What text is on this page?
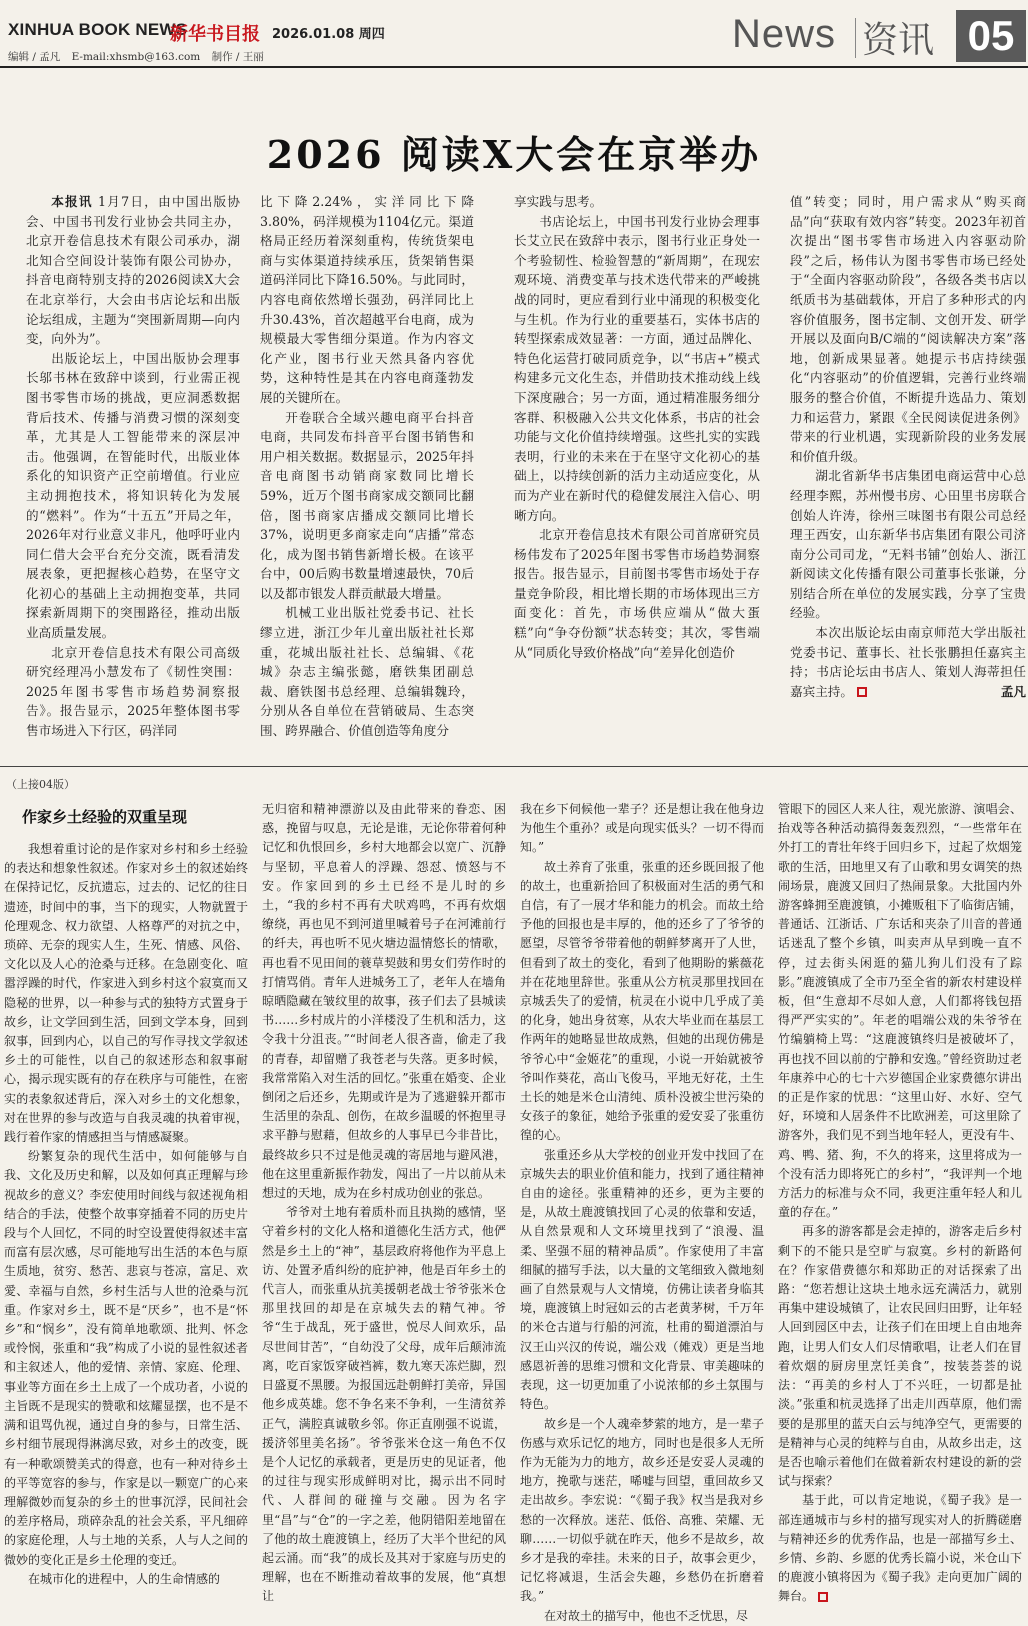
XINHUA BOOK NEWS
新华书目报 2026.01.08 周四	News 资讯 05
编辑 / 孟凡 E-mail:xhsmb@163.com 制作 / 王丽
2026 阅读X大会在京举办

本报讯 1月7日，由中国出版协会、中国书刊发行业协会共同主办，北京开卷信息技术有限公司承办，湖北知合空间设计装饰有限公司协办，抖音电商特别支持的2026阅读X大会在北京举行，大会由书店论坛和出版论坛组成，主题为“突围新周期—向内变，向外为”。

出版论坛上，中国出版协会理事长邬书林在致辞中谈到，行业需正视图书零售市场的挑战，更应洞悉数据背后技术、传播与消费习惯的深刻变革，尤其是人工智能带来的深层冲击。他强调，在智能时代，出版业体系化的知识资产正空前增值。行业应主动拥抱技术，将知识转化为发展的“燃料”。作为“十五五”开局之年，2026年对行业意义非凡，他呼吁业内同仁借大会平台充分交流，既看清发展表象，更把握核心趋势，在坚守文化初心的基础上主动拥抱变革，共同探索新周期下的突围路径，推动出版业高质量发展。

北京开卷信息技术有限公司高级研究经理冯小慧发布了《韧性突围：2025年图书零售市场趋势洞察报告》。报告显示，2025年整体图书零售市场进入下行区，码洋同

比下降2.24%，实洋同比下降3.80%，码洋规模为1104亿元。渠道格局正经历着深刻重构，传统货架电商与实体渠道持续承压，货架销售渠道码洋同比下降16.50%。与此同时，内容电商依然增长强劲，码洋同比上升30.43%，首次超越平台电商，成为规模最大零售细分渠道。作为内容文化产业，图书行业天然具备内容优势，这种特性是其在内容电商蓬勃发展的关键所在。

开卷联合全域兴趣电商平台抖音电商，共同发布抖音平台图书销售和用户相关数据。数据显示，2025年抖音电商图书动销商家数同比增长59%，近万个图书商家成交额同比翻倍，图书商家店播成交额同比增长37%，说明更多商家走向“店播”常态化，成为图书销售新增长极。在该平台中，00后购书数量增速最快，70后以及都市银发人群贡献最大增量。

机械工业出版社党委书记、社长缪立进，浙江少年儿童出版社社长郑重，花城出版社社长、总编辑、《花城》杂志主编张懿，磨铁集团副总裁、磨铁图书总经理、总编辑魏玲，分别从各自单位在营销破局、生态突围、跨界融合、价值创造等角度分

享实践与思考。

书店论坛上，中国书刊发行业协会理事长艾立民在致辞中表示，图书行业正身处一个考验韧性、检验智慧的“新周期”，在现宏观环境、消费变革与技术迭代带来的严峻挑战的同时，更应看到行业中涌现的积极变化与生机。作为行业的重要基石，实体书店的转型探索成效显著：一方面，通过品牌化、特色化运营打破同质竞争，以“书店+”模式构建多元文化生态，并借助技术推动线上线下深度融合；另一方面，通过精准服务细分客群、积极融入公共文化体系，书店的社会功能与文化价值持续增强。这些扎实的实践表明，行业的未来在于在坚守文化初心的基础上，以持续创新的活力主动适应变化，从而为产业在新时代的稳健发展注入信心、明晰方向。

北京开卷信息技术有限公司首席研究员杨伟发布了2025年图书零售市场趋势洞察报告。报告显示，目前图书零售市场处于存量竞争阶段，相比增长期的市场体现出三方面变化：首先，市场供应端从“做大蛋糕”向“争夺份额”状态转变；其次，零售端从“同质化导致价格战”向“差异化创造价

值”转变；同时，用户需求从“购买商品”向“获取有效内容”转变。2023年初首次提出“图书零售市场进入内容驱动阶段”之后，杨伟认为图书零售市场已经处于“全面内容驱动阶段”，各级各类书店以纸质书为基础载体，开启了多种形式的内容价值服务，图书定制、文创开发、研学开展以及面向B/C端的“阅读解决方案”落地，创新成果显著。她提示书店持续强化“内容驱动”的价值逻辑，完善行业终端服务的整合价值，不断提升选品力、策划力和运营力，紧跟《全民阅读促进条例》带来的行业机遇，实现新阶段的业务发展和价值升级。

湖北省新华书店集团电商运营中心总经理李熙，苏州慢书房、心田里书房联合创始人许涛，徐州三味图书有限公司总经理王西安，山东新华书店集团有限公司济南分公司司龙，“无料书铺”创始人、浙江新阅读文化传播有限公司董事长张谦，分别结合所在单位的发展实践，分享了宝贵经验。

本次出版论坛由南京师范大学出版社党委书记、董事长、社长张鹏担任嘉宾主持；书店论坛由书店人、策划人海蒂担任嘉宾主持。	孟凡

（上接04版）
作家乡土经验的双重呈现

我想着重讨论的是作家对乡村和乡土经验的表达和想象性叙述。作家对乡土的叙述始终在保持记忆，反抗遗忘，过去的、记忆的往日遗迹，时间中的事，当下的现实，人物就置于伦理观念、权力欲望、人格尊严的对抗之中，琐碎、无奈的现实人生，生死、情感、风俗、文化以及人心的沧桑与迁移。在急剧变化、喧嚣浮躁的时代，作家进入到乡村这个寂寞而又隐秘的世界，以一种参与式的独特方式置身于故乡，让文学回到生活，回到文学本身，回到叙事，回到内心，以自己的写作寻找文学叙述乡土的可能性，以自己的叙述形态和叙事耐心，揭示现实既有的存在秩序与可能性，在密实的表象叙述背后，深入对乡土的文化想象，对在世界的参与改造与自我灵魂的执着审视，践行着作家的情感担当与情感凝聚。

纷繁复杂的现代生活中，如何能够与自我、文化及历史和解，以及如何真正理解与珍视故乡的意义？李宏使用时间线与叙述视角相结合的手法，使整个故事穿插着不同的历史片段与个人回忆，不同的时空设置使得叙述丰富而富有层次感，尽可能地写出生活的本色与原生质地，贫穷、愁苦、悲哀与苍凉，富足、欢愛、幸福与自然，乡村生活与人世的沧桑与沉重。作家对乡土，既不是“厌乡”，也不是“怀乡”和“悯乡”，没有简单地歌颂、批判、怀念或怜悯，张重和“我”构成了小说的显性叙述者和主叙述人，他的爱情、亲情、家庭、伦理、事业等方面在乡土上成了一个成功者，小说的主旨既不是现实的赞歌和炫耀显摆，也不是不满和诅骂仇视，通过自身的参与，日常生活、乡村细节展现得淋漓尽致，对乡土的改变，既有一种歌颂赞美式的得意，也有一种对待乡土的平等宽容的参与，作家是以一颗宽广的心来理解微妙而复杂的乡土的世事沉浮，民间社会的差序格局，琐碎杂乱的社会关系，平凡细碎的家庭伦理，人与土地的关系，人与人之间的微妙的变化正是乡土伦理的变迁。

在城市化的进程中，人的生命情感的

无归宿和精神漂游以及由此带来的眷恋、困惑，挽留与叹息，无论是谁，无论你带着何种记忆和仇恨回乡，乡村大地都会以宽广、沉静与坚韧，平息着人的浮躁、怨怼、愤怒与不安。作家回到的乡土已经不是儿时的乡土，“我的乡村不再有犬吠鸡鸣，不再有炊烟缭绕，再也见不到河道里喊着号子在河滩前行的纤夫，再也听不见火塘边温情悠长的情歌，再也看不见田间的蓑草契鼓和男女们劳作时的打情骂俏。青年人进城务工了，老年人在墙角晾晒隐藏在皱纹里的故事，孩子们去了县城读书……乡村成片的小洋楼没了生机和活力，这令我十分沮丧。”“时间老人很吝啬，偷走了我的青春，却留赠了我苍老与失落。更多时候，我常常陷入对生活的回忆。”张重在婚变、企业倒闭之后还乡，先期或许是为了逃避躲开都市生活里的杂乱、创伤，在故乡温暖的怀抱里寻求平静与慰藉，但故乡的人事早已今非昔比，最终故乡只不过是他灵魂的寄居地与避风港，他在这里重新振作勃发，闯出了一片以前从未想过的天地，成为在乡村成功创业的张总。

爷爷对土地有着质朴而且执拗的感情，坚守着乡村的文化人格和道德化生活方式，他俨然是乡土上的“神”，基层政府将他作为平息上访、处置矛盾纠纷的庇护神，他是百年乡土的代言人，而张重从抗美援朝老战士爷爷张米仓那里找回的却是在京城失去的精气神。爷爷“生于战乱，死于盛世，悦尽人间欢乐，品尽世间甘苦”，“自幼没了父母，成年后颠沛流离，吃百家饭穿破裆裤，数九寒天冻烂脚，烈日盛夏不黑腰。为报国远赴朝鲜打美帝，异国他乡成英雄。您不争名来不争利，一生清贫养正气，满腔真诚敬乡邻。你正直刚强不说谎，援济邻里美名扬”。爷爷张米仓这一角色不仅是个人记忆的承载者，更是历史的见证者，他的过往与现实形成鲜明对比，揭示出不同时代、人群间的碰撞与交融。因为名字里“昌”与“仓”的一字之差，他阴错阳差地留在了他的故土鹿渡镇上，经历了大半个世纪的风起云涌。而“我”的成长及其对于家庭与历史的理解，也在不断推动着故事的发展，他“真想让

我在乡下伺候他一辈子？还是想让我在他身边为他生个重孙？或是向现实低头？一切不得而知。”

故土养育了张重，张重的还乡既回报了他的故土，也重新拾回了积极面对生活的勇气和自信，有了一展才华和能力的机会。而故土给予他的回报也是丰厚的，他的还乡了了爷爷的愿望，尽管爷爷带着他的朝鲜梦离开了人世，但看到了故土的变化，看到了他期盼的紫薇花并在花地里辞世。张重从公方杭灵那里找回在京城丢失了的爱情，杭灵在小说中几乎成了美的化身，她出身贫寒，从农大毕业而在基层工作两年的她略显世故成熟，但她的出现仿佛是爷爷心中“金姬花”的重现，小说一开始就被爷爷叫作葵花，高山飞俊马，平地无好花，土生土长的她是米仓山清纯、质朴没被尘世污染的女孩子的象征，她给予张重的爱安妥了张重彷徨的心。

张重还乡从大学校的创业开发中找回了在京城失去的职业价值和能力，找到了通往精神自由的途径。张重精神的还乡，更为主要的是，从故土鹿渡镇找回了心灵的依靠和安适，从自然景观和人文环境里找到了“浪漫、温柔、坚强不屈的精神品质”。作家使用了丰富细腻的描写手法，以大量的文笔细致入微地刻画了自然景观与人文情境，仿佛让读者身临其境，鹿渡镇上时冠如云的古老黄茅树，千万年的米仓古道与行船的河流，杜甫的蜀道漂泊与汉王山兴汉的传说，端公戏（傩戏）更是当地感恩祈善的思维习惯和文化背景、审美趣味的表现，这一切更加重了小说浓郁的乡土氛围与特色。

故乡是一个人魂牵梦萦的地方，是一辈子伤感与欢乐记忆的地方，同时也是很多人无所作为无能为力的地方，故乡还是安妥人灵魂的地方，挽歌与迷茫，唏嘘与回望，重回故乡又走出故乡。李宏说：“《蜀子我》权当是我对乡愁的一次释放。迷茫、低俗、高雅、荣耀、无聊……一切似乎就在昨天，他乡不是故乡，故乡才是我的牵挂。未来的日子，故事会更少，记忆将减退，生活会失趣，乡愁仍在折磨着我。”

在对故土的描写中，他也不乏忧思，尽

管眼下的园区人来人往，观光旅游、演唱会、抬戏等各种活动搞得轰轰烈烈，“一些常年在外打工的青壮年终于回归乡下，过起了炊烟笼歌的生活，田地里又有了山歌和男女调笑的热闹场景，鹿渡又回归了热闹景象。大批国内外游客蜂拥至鹿渡镇，小摊贩租下了临街店铺，普通话、江浙话、广东话和夹杂了川音的普通话迷乱了整个乡镇，叫卖声从早到晚一直不停，过去街头闲逛的猫儿狗儿们没有了踪影。”鹿渡镇成了全市乃至全省的新农村建设样板，但“生意却不尽如人意，人们都将钱包捂得严严实实的”。年老的唱端公戏的朱爷爷在竹编躺椅上骂：“这鹿渡镇终归是被破坏了，再也找不回以前的宁静和安逸。”曾经资助过老年康养中心的七十六岁德国企业家费德尔讲出的正是作家的忧思：“这里山好、水好、空气好，环境和人居条件不比欧洲差，可这里除了游客外，我们见不到当地年轻人，更没有牛、鸡、鸭、猪、狗，不久的将来，这里将成为一个没有活力即将死亡的乡村”，“我评判一个地方活力的标准与众不同，我更注重年轻人和儿童的存在。”

再多的游客都是会走掉的，游客走后乡村剩下的不能只是空旷与寂寞。乡村的新路何在？作家借费德尔和郑助正的对话探索了出路：“您若想让这块土地永远充满活力，就别再集中建设城镇了，让农民回归田野，让年轻人回到园区中去，让孩子们在田埂上自由地奔跑，让男人们女人们尽情歌唱，让老人们在冒着炊烟的厨房里烹饪美食”，按装荟荟的说法：“再美的乡村人丁不兴旺，一切都是扯淡。”张重和杭灵选择了出走川西草原，他们需要的是那里的蓝天白云与纯净空气，更需要的是精神与心灵的纯粹与自由，从故乡出走，这是否也喻示着他们在做着新农村建设的新的尝试与探索？

基于此，可以肯定地说，《蜀子我》是一部连通城市与乡村的描写现实对人的折腾磋磨与精神还乡的优秀作品，也是一部描写乡土、乡情、乡韵、乡愿的优秀长篇小说，米仓山下的鹿渡小镇将因为《蜀子我》走向更加广阔的舞台。
